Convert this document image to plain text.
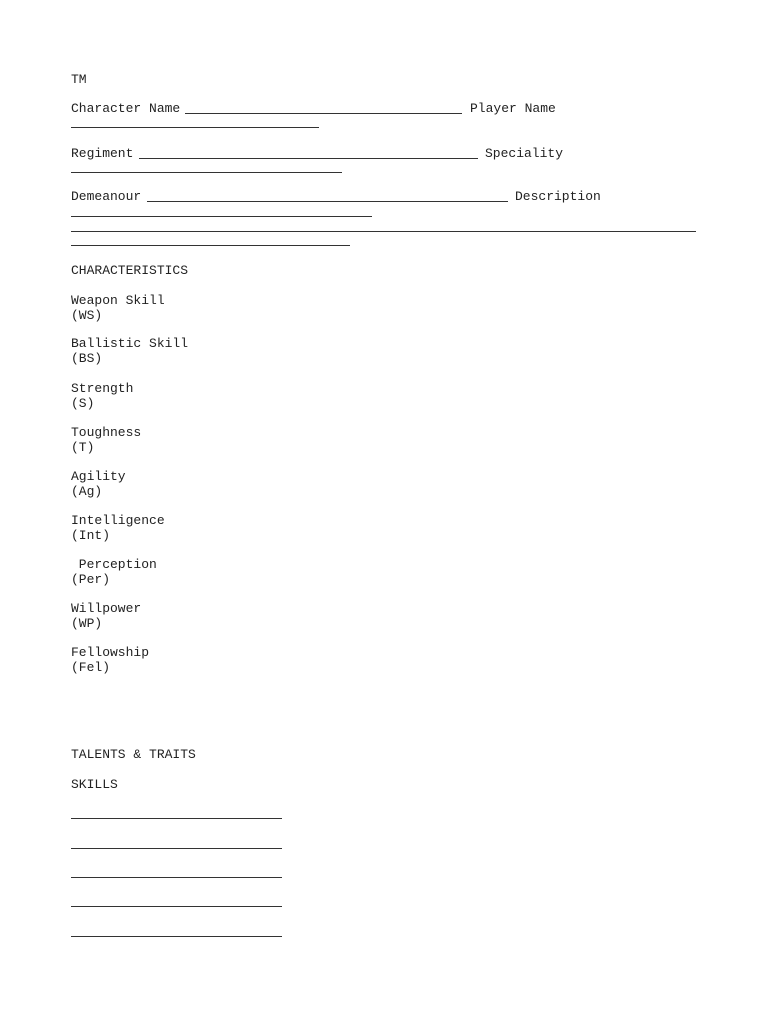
TM
Character Name	Player Name
Regiment	Speciality
Demeanour	Description
CHARACTERISTICS
Weapon Skill
(WS)
Ballistic Skill
(BS)
Strength
(S)
Toughness
(T)
Agility
(Ag)
Intelligence
(Int)
Perception
(Per)
Willpower
(WP)
Fellowship
(Fel)
TALENTS & TRAITS
SKILLS
